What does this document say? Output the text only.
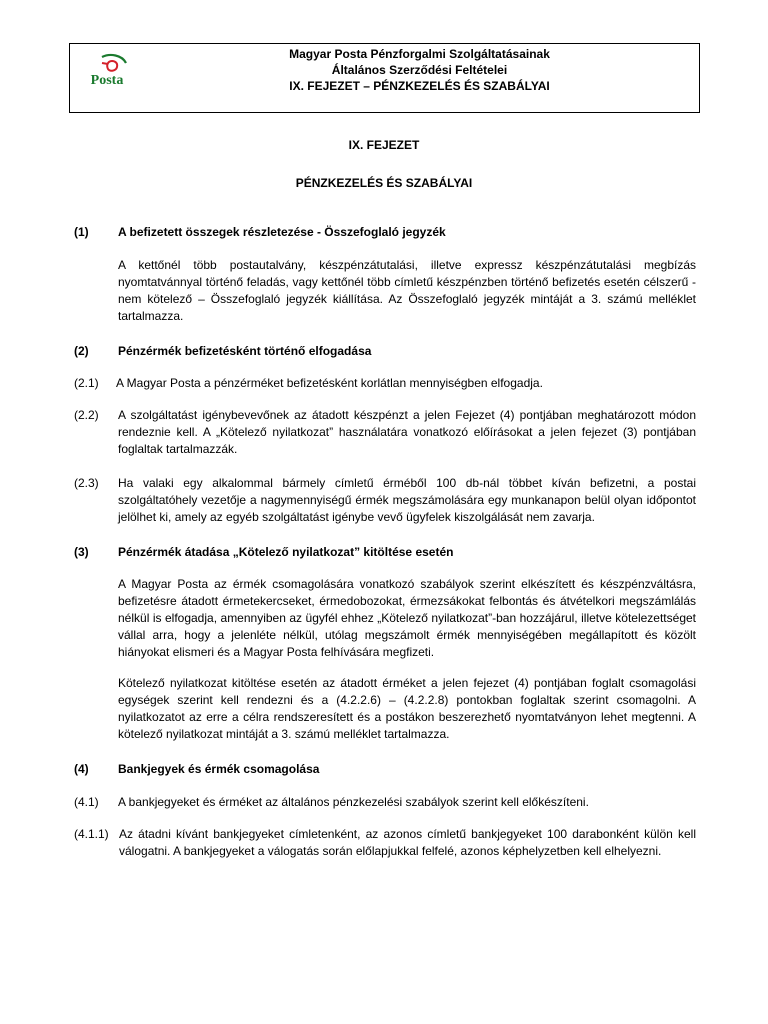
Posta
Magyar Posta Pénzforgalmi Szolgáltatásainak
Általános Szerződési Feltételei
IX. FEJEZET – PÉNZKEZELÉS ÉS SZABÁLYAI
IX. FEJEZET
PÉNZKEZELÉS ÉS SZABÁLYAI
(1) A befizetett összegek részletezése - Összefoglaló jegyzék
A kettőnél több postautalvány, készpénzátutalási, illetve expressz készpénzátutalási megbízás nyomtatvánnyal történő feladás, vagy kettőnél több címletű készpénzben történő befizetés esetén célszerű - nem kötelező – Összefoglaló jegyzék kiállítása. Az Összefoglaló jegyzék mintáját a 3. számú melléklet tartalmazza.
(2) Pénzérmék befizetésként történő elfogadása
(2.1) A Magyar Posta a pénzérméket befizetésként korlátlan mennyiségben elfogadja.
(2.2) A szolgáltatást igénybevevőnek az átadott készpénzt a jelen Fejezet (4) pontjában meghatározott módon rendeznie kell. A „Kötelező nyilatkozat” használatára vonatkozó előírásokat a jelen fejezet (3) pontjában foglaltak tartalmazzák.
(2.3) Ha valaki egy alkalommal bármely címletű érméből 100 db-nál többet kíván befizetni, a postai szolgáltatóhely vezetője a nagymennyiségű érmék megszámolására egy munkanapon belül olyan időpontot jelölhet ki, amely az egyéb szolgáltatást igénybe vevő ügyfelek kiszolgálását nem zavarja.
(3) Pénzérmék átadása „Kötelező nyilatkozat” kitöltése esetén
A Magyar Posta az érmék csomagolására vonatkozó szabályok szerint elkészített és készpénzváltásra, befizetésre átadott érmetekercseket, érmedobozokat, érmezsákokat felbontás és átvételkori megszámlálás nélkül is elfogadja, amennyiben az ügyfél ehhez „Kötelező nyilatkozat”-ban hozzájárul, illetve kötelezettséget vállal arra, hogy a jelenléte nélkül, utólag megszámolt érmék mennyiségében megállapított és közölt hiányokat elismeri és a Magyar Posta felhívására megfizeti.
Kötelező nyilatkozat kitöltése esetén az átadott érméket a jelen fejezet (4) pontjában foglalt csomagolási egységek szerint kell rendezni és a (4.2.2.6) – (4.2.2.8) pontokban foglaltak szerint csomagolni. A nyilatkozatot az erre a célra rendszeresített és a postákon beszerezhető nyomtatványon lehet megtenni. A kötelező nyilatkozat mintáját a 3. számú melléklet tartalmazza.
(4) Bankjegyek és érmék csomagolása
(4.1) A bankjegyeket és érméket az általános pénzkezelési szabályok szerint kell előkészíteni.
(4.1.1) Az átadni kívánt bankjegyeket címletenként, az azonos címletű bankjegyeket 100 darabonként külön kell válogatni. A bankjegyeket a válogatás során előlapjukkal felfelé, azonos képhelyzetben kell elhelyezni.
